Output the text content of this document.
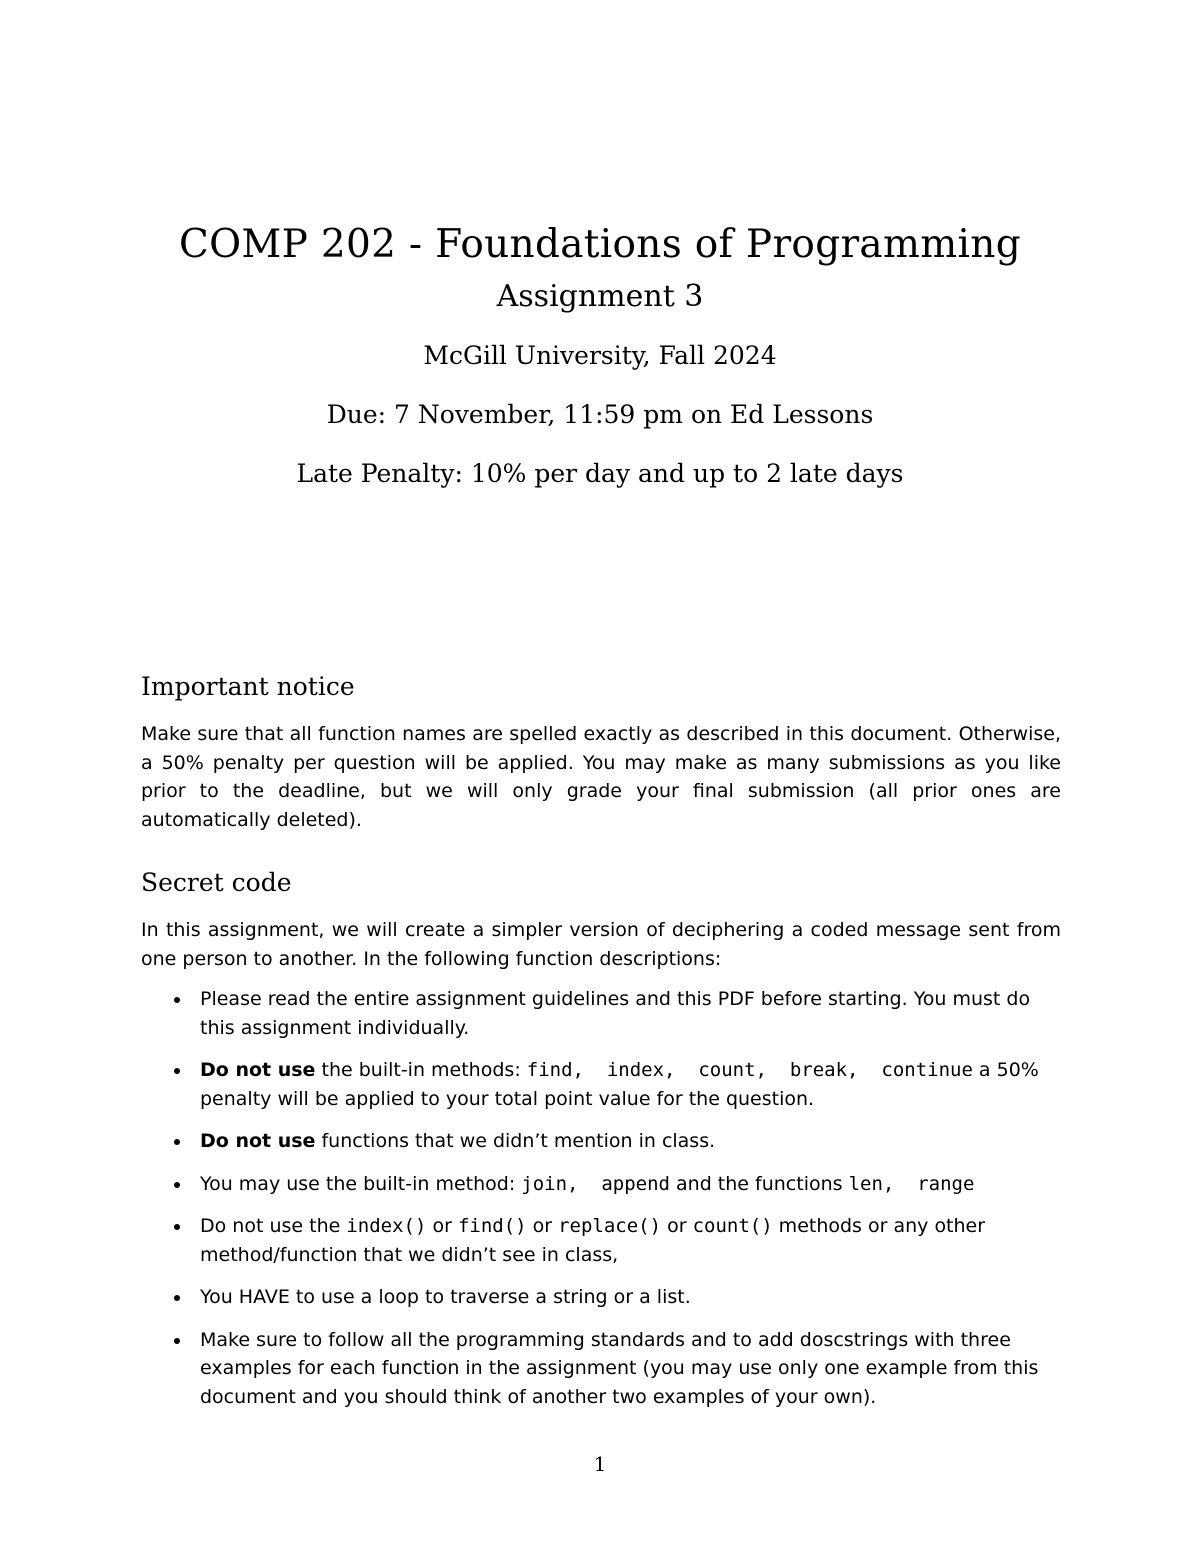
COMP 202 - Foundations of Programming
Assignment 3
McGill University, Fall 2024
Due: 7 November, 11:59 pm on Ed Lessons
Late Penalty: 10% per day and up to 2 late days
Important notice
Make sure that all function names are spelled exactly as described in this document. Otherwise, a 50% penalty per question will be applied. You may make as many submissions as you like prior to the deadline, but we will only grade your final submission (all prior ones are automatically deleted).
Secret code
In this assignment, we will create a simpler version of deciphering a coded message sent from one person to another. In the following function descriptions:
Please read the entire assignment guidelines and this PDF before starting. You must do this assignment individually.
Do not use the built-in methods: find,  index,  count,  break,  continue a 50% penalty will be applied to your total point value for the question.
Do not use functions that we didn’t mention in class.
You may use the built-in method: join,  append and the functions len,  range
Do not use the index() or find() or replace() or count() methods or any other method/function that we didn’t see in class,
You HAVE to use a loop to traverse a string or a list.
Make sure to follow all the programming standards and to add doscstrings with three examples for each function in the assignment (you may use only one example from this document and you should think of another two examples of your own).
1
